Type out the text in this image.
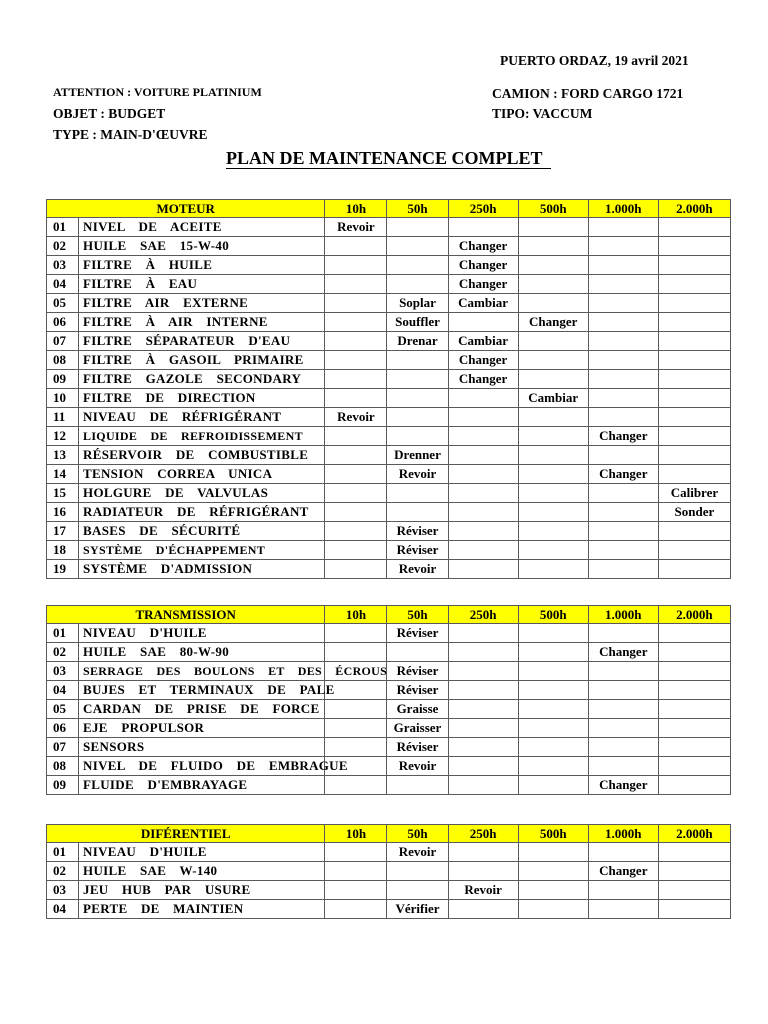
PUERTO ORDAZ, 19 avril 2021
ATTENTION : VOITURE PLATINIUM	CAMION : FORD CARGO 1721
OBJET : BUDGET	TIPO: VACCUM
TYPE : MAIN-D'ŒUVRE
PLAN DE MAINTENANCE COMPLET
MOTEUR		10h	50h	250h	500h	1.000h	2.000h
01	NIVEL DE ACEITE	Revoir					
02	HUILE SAE 15-W-40			Changer			
03	FILTRE À HUILE			Changer			
04	FILTRE À EAU			Changer			
05	FILTRE AIR EXTERNE		Soplar	Cambiar			
06	FILTRE À AIR INTERNE		Souffler		Changer		
07	FILTRE SÉPARATEUR D'EAU		Drenar	Cambiar			
08	FILTRE À GASOIL PRIMAIRE			Changer			
09	FILTRE GAZOLE SECONDARY			Changer			
10	FILTRE DE DIRECTION				Cambiar		
11	NIVEAU DE RÉFRIGÉRANT	Revoir					
12	LIQUIDE DE REFROIDISSEMENT					Changer	
13	RÉSERVOIR DE COMBUSTIBLE		Drenner				
14	TENSION CORREA UNICA		Revoir			Changer	
15	HOLGURE DE VALVULAS						Calibrer
16	RADIATEUR DE RÉFRIGÉRANT						Sonder
17	BASES DE SÉCURITÉ		Réviser				
18	SYSTÈME D'ÉCHAPPEMENT		Réviser				
19	SYSTÈME D'ADMISSION		Revoir				
TRANSMISSION		10h	50h	250h	500h	1.000h	2.000h
01	NIVEAU D'HUILE		Réviser				
02	HUILE SAE 80-W-90					Changer	
03	SERRAGE DES BOULONS ET DES ÉCROUS		Réviser				
04	BUJES ET TERMINAUX DE PALE		Réviser				
05	CARDAN DE PRISE DE FORCE		Graisse				
06	EJE PROPULSOR		Graisser				
07	SENSORS		Réviser				
08	NIVEL DE FLUIDO DE EMBRAGUE		Revoir				
09	FLUIDE D'EMBRAYAGE					Changer	
DIFÉRENTIEL		10h	50h	250h	500h	1.000h	2.000h
01	NIVEAU D'HUILE		Revoir				
02	HUILE SAE W-140					Changer	
03	JEU HUB PAR USURE			Revoir			
04	PERTE DE MAINTIEN		Vérifier				
